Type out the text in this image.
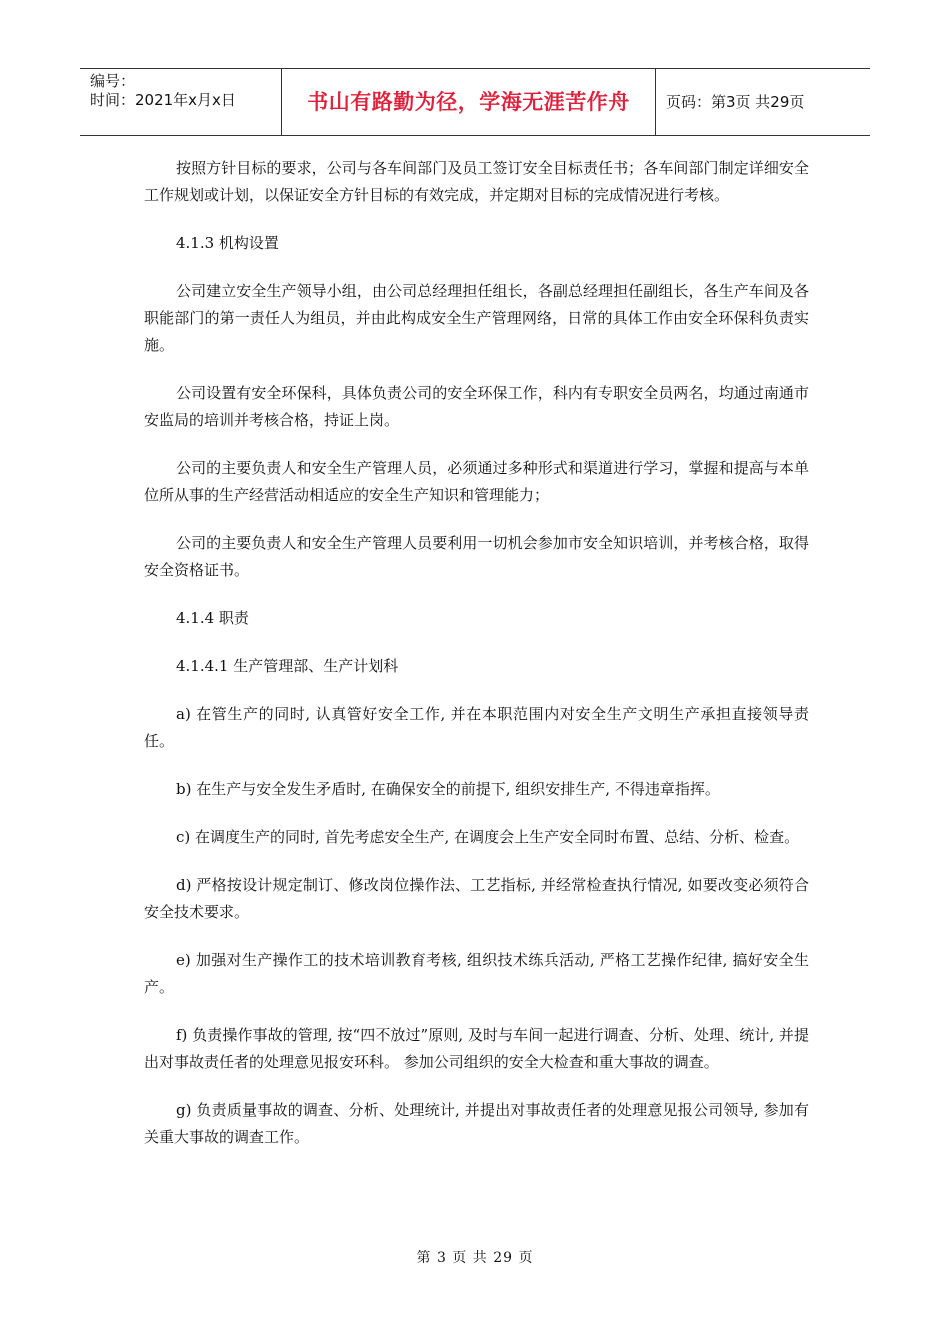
编号：
时间：2021年x月x日	书山有路勤为径，学海无涯苦作舟	页码：第3页 共29页

按照方针目标的要求，公司与各车间部门及员工签订安全目标责任书；各车间部门制定详细安全工作规划或计划，以保证安全方针目标的有效完成，并定期对目标的完成情况进行考核。

4.1.3 机构设置

公司建立安全生产领导小组，由公司总经理担任组长，各副总经理担任副组长，各生产车间及各职能部门的第一责任人为组员，并由此构成安全生产管理网络，日常的具体工作由安全环保科负责实施。

公司设置有安全环保科，具体负责公司的安全环保工作，科内有专职安全员两名，均通过南通市安监局的培训并考核合格，持证上岗。

公司的主要负责人和安全生产管理人员，必须通过多种形式和渠道进行学习，掌握和提高与本单位所从事的生产经营活动相适应的安全生产知识和管理能力；

公司的主要负责人和安全生产管理人员要利用一切机会参加市安全知识培训，并考核合格，取得安全资格证书。

4.1.4 职责

4.1.4.1 生产管理部、生产计划科

a) 在管生产的同时, 认真管好安全工作, 并在本职范围内对安全生产文明生产承担直接领导责任。

b) 在生产与安全发生矛盾时, 在确保安全的前提下, 组织安排生产, 不得违章指挥。

c) 在调度生产的同时, 首先考虑安全生产, 在调度会上生产安全同时布置、总结、分析、检查。

d) 严格按设计规定制订、修改岗位操作法、工艺指标, 并经常检查执行情况, 如要改变必须符合安全技术要求。

e) 加强对生产操作工的技术培训教育考核, 组织技术练兵活动, 严格工艺操作纪律, 搞好安全生产。

f) 负责操作事故的管理, 按“四不放过”原则, 及时与车间一起进行调查、分析、处理、统计, 并提出对事故责任者的处理意见报安环科。 参加公司组织的安全大检查和重大事故的调查。

g) 负责质量事故的调查、分析、处理统计, 并提出对事故责任者的处理意见报公司领导, 参加有关重大事故的调查工作。

第 3 页 共 29 页
